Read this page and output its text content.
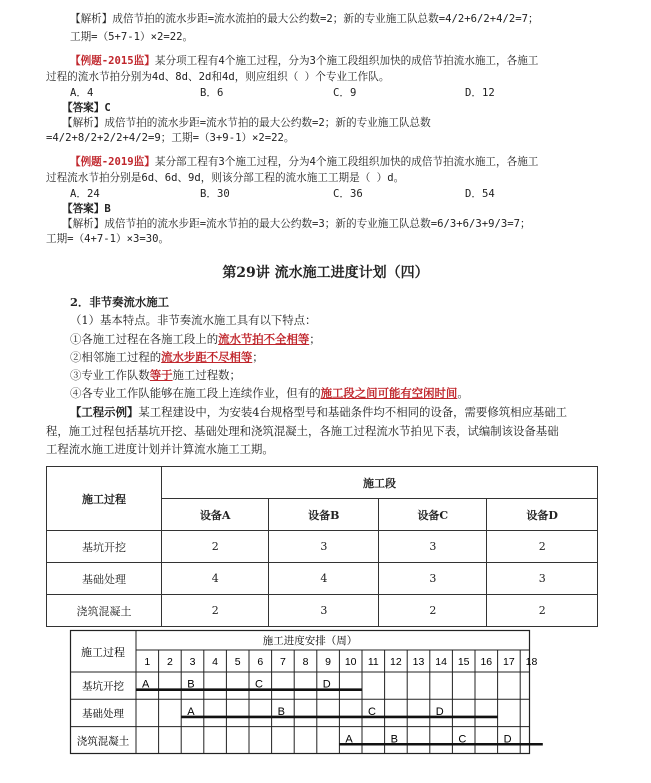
【解析】成倍节拍的流水步距=流水流拍的最大公约数=2；新的专业施工队总数=4/2+6/2+4/2=7；
工期=（5+7-1）×2=22。
【例题-2015监】某分项工程有4个施工过程，分为3个施工段组织加快的成倍节拍流水施工，各施工
过程的流水节拍分别为4d、8d、2d和4d，则应组织（ ）个专业工作队。
A．4	B．6	C．9	D．12
【答案】C
【解析】成倍节拍的流水步距=流水节拍的最大公约数=2；新的专业施工队总数
=4/2+8/2+2/2+4/2=9；工期=（3+9-1）×2=22。
【例题-2019监】某分部工程有3个施工过程，分为4个施工段组织加快的成倍节拍流水施工，各施工
过程流水节拍分别是6d、6d、9d，则该分部工程的流水施工工期是（ ）d。
A．24	B．30	C．36	D．54
【答案】B
【解析】成倍节拍的流水步距=流水节拍的最大公约数=3；新的专业施工队总数=6/3+6/3+9/3=7；
工期=（4+7-1）×3=30。
第29讲 流水施工进度计划（四）
2．非节奏流水施工
（1）基本特点。非节奏流水施工具有以下特点：
①各施工过程在各施工段上的流水节拍不全相等；
②相邻施工过程的流水步距不尽相等；
③专业工作队数等于施工过程数；
④各专业工作队能够在施工段上连续作业，但有的施工段之间可能有空闲时间。
【工程示例】某工程建设中，为安装4台规格型号和基础条件均不相同的设备，需要修筑相应基础工
程，施工过程包括基坑开挖、基础处理和浇筑混凝土，各施工过程流水节拍见下表，试编制该设备基础
工程流水施工进度计划并计算流水施工工期。
施工过程	施工段			
	设备A	设备B	设备C	设备D
基坑开挖	2	3	3	2
基础处理	4	4	3	3
浇筑混凝土	2	3	2	2
施工过程
施工进度安排（周）
1 2 3 4 5 6 7 8 9 10 11 12 13 14 15 16 17 18
基坑开挖 A	B	C	D
基础处理	A	B	C	D
浇筑混凝土	A	B	C	D
